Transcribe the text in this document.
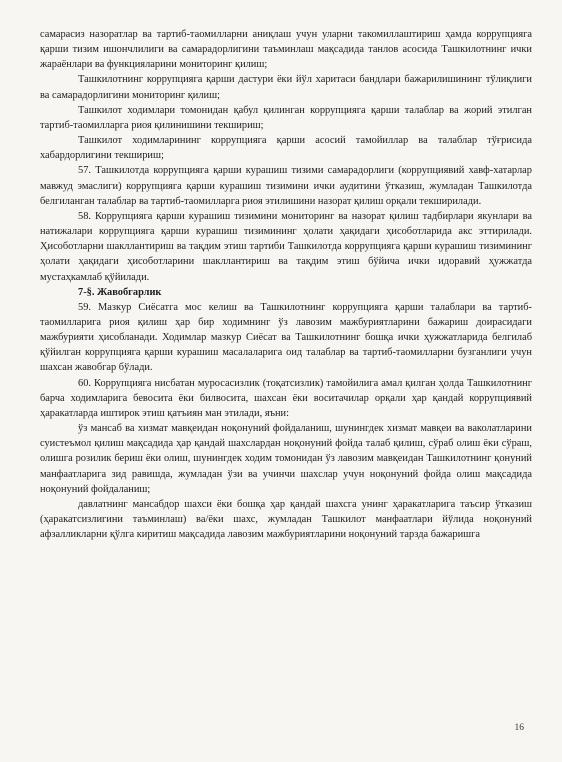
самарасиз назоратлар ва тартиб-таомилларни аниқлаш учун уларни такомиллаштириш ҳамда коррупцияга қарши тизим ишончлилиги ва самарадорлигини таъминлаш мақсадида танлов асосида Ташкилотнинг ички жараёнлари ва функцияларини мониторинг қилиш;

Ташкилотнинг коррупцияга қарши дастури ёки йўл харитаси бандлари бажарилишининг тўлиқлиги ва самарадорлигини мониторинг қилиш;

Ташкилот ходимлари томонидан қабул қилинган коррупцияга қарши талаблар ва жорий этилган тартиб-таомилларга риоя қилинишини текшириш;

Ташкилот ходимларининг коррупцияга қарши асосий тамойиллар ва талаблар тўғрисида хабардорлигини текшириш;

57. Ташкилотда коррупцияга қарши курашиш тизими самарадорлиги (коррупциявий хавф-хатарлар мавжуд эмаслиги) коррупцияга қарши курашиш тизимини ички аудитини ўтказиш, жумладан Ташкилотда белгиланган талаблар ва тартиб-таомилларга риоя этилишини назорат қилиш орқали текширилади.

58. Коррупцияга қарши курашиш тизимини мониторинг ва назорат қилиш тадбирлари якунлари ва натижалари коррупцияга қарши курашиш тизимининг ҳолати ҳақидаги ҳисоботларида акс эттирилади. Ҳисоботларни шакллантириш ва тақдим этиш тартиби Ташкилотда коррупцияга қарши курашиш тизимининг ҳолати ҳақидаги ҳисоботларини шакллантириш ва тақдим этиш бўйича ички идоравий ҳужжатда мустаҳкамлаб қўйилади.

7-§. Жавобгарлик

59. Мазкур Сиёсатга мос келиш ва Ташкилотнинг коррупцияга қарши талаблари ва тартиб-таомилларига риоя қилиш ҳар бир ходимнинг ўз лавозим мажбуриятларини бажариш доирасидаги мажбурияти ҳисобланади. Ходимлар мазкур Сиёсат ва Ташкилотнинг бошқа ички ҳужжатларида белгилаб қўйилган коррупцияга қарши курашиш масалаларига оид талаблар ва тартиб-таомилларни бузганлиги учун шахсан жавобгар бўлади.

60. Коррупцияга нисбатан муросасизлик (тоқатсизлик) тамойилига амал қилган ҳолда Ташкилотнинг барча ходимларига бевосита ёки билвосита, шахсан ёки воситачилар орқали ҳар қандай коррупциявий ҳаракатларда иштирок этиш қатъиян ман этилади, яъни:

ўз мансаб ва хизмат мавқеидан ноқонуний фойдаланиш, шунингдек хизмат мавқеи ва ваколатларини суистеъмол қилиш мақсадида ҳар қандай шахслардан ноқонуний фойда талаб қилиш, сўраб олиш ёки сўраш, олишга розилик бериш ёки олиш, шунингдек ходим томонидан ўз лавозим мавқеидан Ташкилотнинг қонуний манфаатларига зид равишда, жумладан ўзи ва учинчи шахслар учун ноқонуний фойда олиш мақсадида ноқонуний фойдаланиш;

давлатнинг мансабдор шахси ёки бошқа ҳар қандай шахсга унинг ҳаракатларига таъсир ўтказиш (ҳаракатсизлигини таъминлаш) ва/ёки шахс, жумладан Ташкилот манфаатлари йўлида ноқонуний афзалликларни қўлга киритиш мақсадида лавозим мажбуриятларини ноқонуний тарзда бажаришга

16
